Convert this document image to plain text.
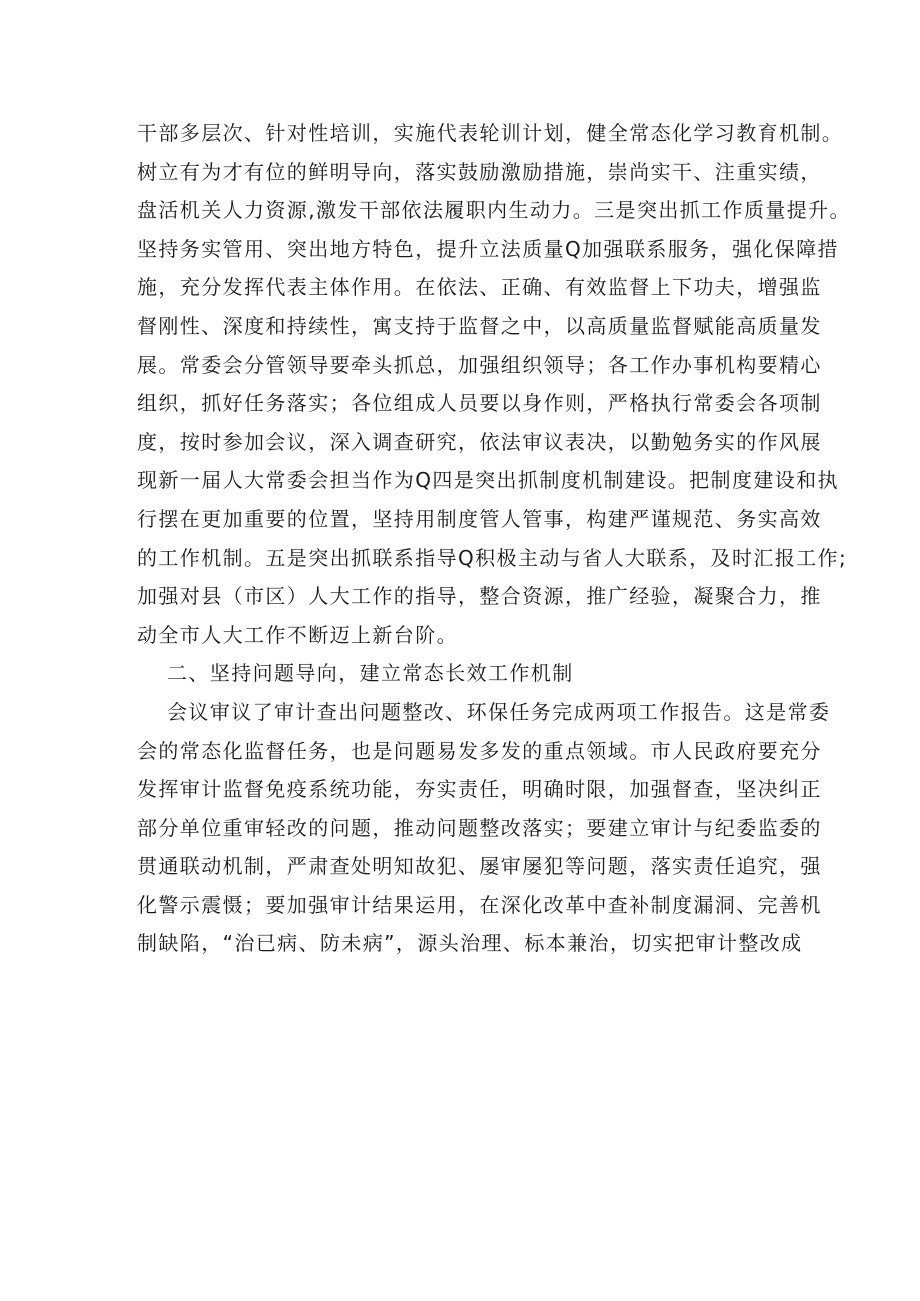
干部多层次、针对性培训，实施代表轮训计划，健全常态化学习教育机制。
树立有为才有位的鲜明导向，落实鼓励激励措施，崇尚实干、注重实绩，
盘活机关人力资源,激发干部依法履职内生动力。三是突出抓工作质量提升。
坚持务实管用、突出地方特色，提升立法质量Q加强联系服务，强化保障措
施，充分发挥代表主体作用。在依法、正确、有效监督上下功夫，增强监
督刚性、深度和持续性，寓支持于监督之中，以高质量监督赋能高质量发
展。常委会分管领导要牵头抓总，加强组织领导；各工作办事机构要精心
组织，抓好任务落实；各位组成人员要以身作则，严格执行常委会各项制
度，按时参加会议，深入调查研究，依法审议表决，以勤勉务实的作风展
现新一届人大常委会担当作为Q四是突出抓制度机制建设。把制度建设和执
行摆在更加重要的位置，坚持用制度管人管事，构建严谨规范、务实高效
的工作机制。五是突出抓联系指导Q积极主动与省人大联系，及时汇报工作;
加强对县（市区）人大工作的指导，整合资源，推广经验，凝聚合力，推
动全市人大工作不断迈上新台阶。
二、坚持问题导向，建立常态长效工作机制
会议审议了审计查出问题整改、环保任务完成两项工作报告。这是常委
会的常态化监督任务，也是问题易发多发的重点领域。市人民政府要充分
发挥审计监督免疫系统功能，夯实责任，明确时限，加强督查，坚决纠正
部分单位重审轻改的问题，推动问题整改落实；要建立审计与纪委监委的
贯通联动机制，严肃查处明知故犯、屡审屡犯等问题，落实责任追究，强
化警示震慑；要加强审计结果运用，在深化改革中查补制度漏洞、完善机
制缺陷，“治已病、防未病”，源头治理、标本兼治，切实把审计整改成
